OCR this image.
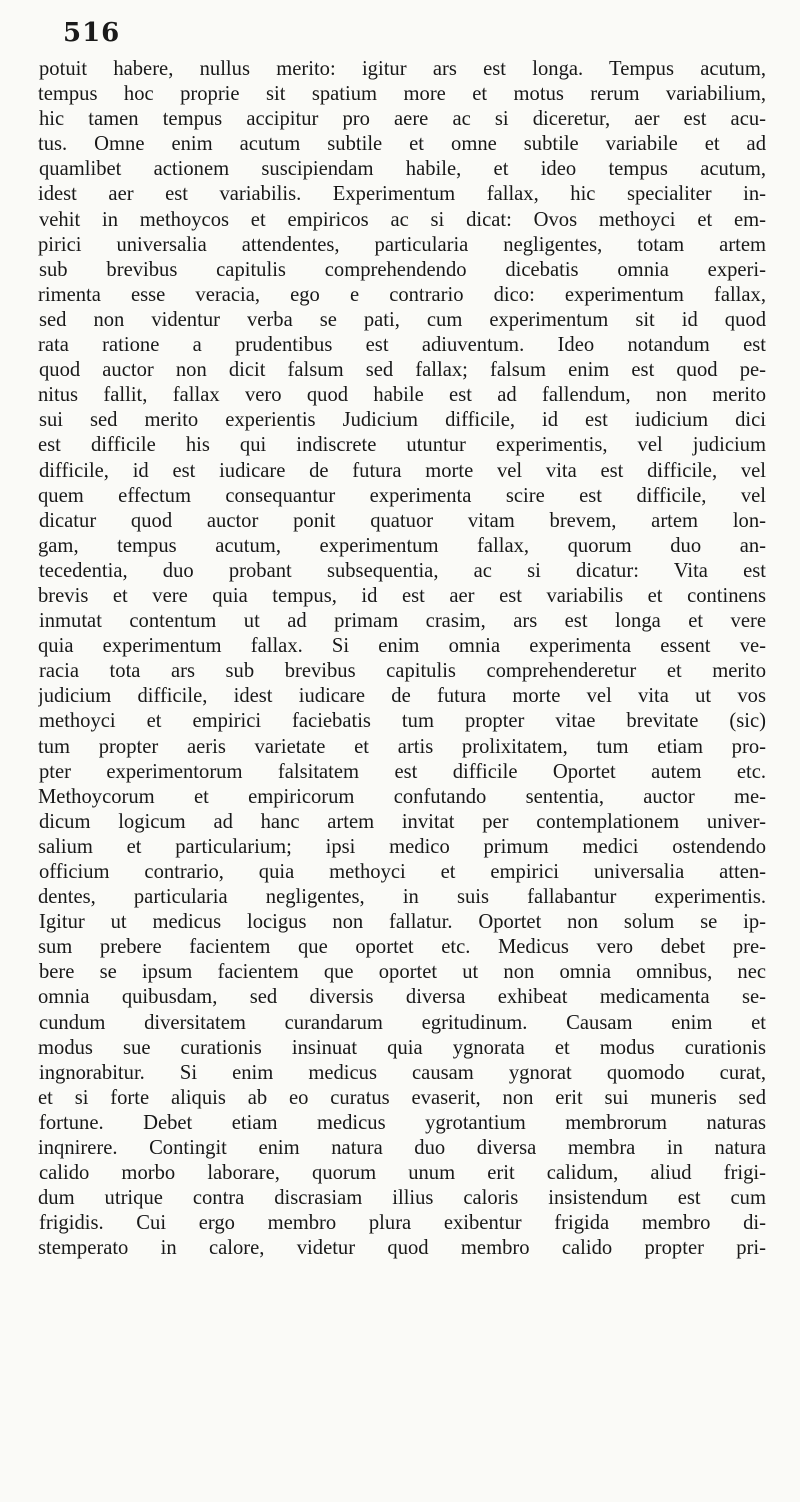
516
potuit habere, nullus merito: igitur ars est longa. Tempus acutum,
tempus hoc proprie sit spatium more et motus rerum variabilium,
hic tamen tempus accipitur pro aere ac si diceretur, aer est acu-
tus. Omne enim acutum subtile et omne subtile variabile et ad
quamlibet actionem suscipiendam habile, et ideo tempus acutum,
idest aer est variabilis. Experimentum fallax, hic specialiter in-
vehit in methoycos et empiricos ac si dicat: Ovos methoyci et em-
pirici universalia attendentes, particularia negligentes, totam artem
sub brevibus capitulis comprehendendo dicebatis omnia experi-
rimenta esse veracia, ego e contrario dico: experimentum fallax,
sed non videntur verba se pati, cum experimentum sit id quod
rata ratione a prudentibus est adiuventum. Ideo notandum est
quod auctor non dicit falsum sed fallax; falsum enim est quod pe-
nitus fallit, fallax vero quod habile est ad fallendum, non merito
sui sed merito experientis Judicium difficile, id est iudicium dici
est difficile his qui indiscrete utuntur experimentis, vel judicium
difficile, id est iudicare de futura morte vel vita est difficile, vel
quem effectum consequantur experimenta scire est difficile, vel
dicatur quod auctor ponit quatuor vitam brevem, artem lon-
gam, tempus acutum, experimentum fallax, quorum duo an-
tecedentia, duo probant subsequentia, ac si dicatur: Vita est
brevis et vere quia tempus, id est aer est variabilis et continens
inmutat contentum ut ad primam crasim, ars est longa et vere
quia experimentum fallax. Si enim omnia experimenta essent ve-
racia tota ars sub brevibus capitulis comprehenderetur et merito
judicium difficile, idest iudicare de futura morte vel vita ut vos
methoyci et empirici faciebatis tum propter vitae brevitate (sic)
tum propter aeris varietate et artis prolixitatem, tum etiam pro-
pter experimentorum falsitatem est difficile Oportet autem etc.
Methoycorum et empiricorum confutando sententia, auctor me-
dicum logicum ad hanc artem invitat per contemplationem univer-
salium et particularium; ipsi medico primum medici ostendendo
officium contrario, quia methoyci et empirici universalia atten-
dentes, particularia negligentes, in suis fallabantur experimentis.
Igitur ut medicus locigus non fallatur. Oportet non solum se ip-
sum prebere facientem que oportet etc. Medicus vero debet pre-
bere se ipsum facientem que oportet ut non omnia omnibus, nec
omnia quibusdam, sed diversis diversa exhibeat medicamenta se-
cundum diversitatem curandarum egritudinum. Causam enim et
modus sue curationis insinuat quia ygnorata et modus curationis
ingnorabitur. Si enim medicus causam ygnorat quomodo curat,
et si forte aliquis ab eo curatus evaserit, non erit sui muneris sed
fortune. Debet etiam medicus ygrotantium membrorum naturas
inqnirere. Contingit enim natura duo diversa membra in natura
calido morbo laborare, quorum unum erit calidum, aliud frigi-
dum utrique contra discrasiam illius caloris insistendum est cum
frigidis. Cui ergo membro plura exibentur frigida membro di-
stemperato in calore, videtur quod membro calido propter pri-
